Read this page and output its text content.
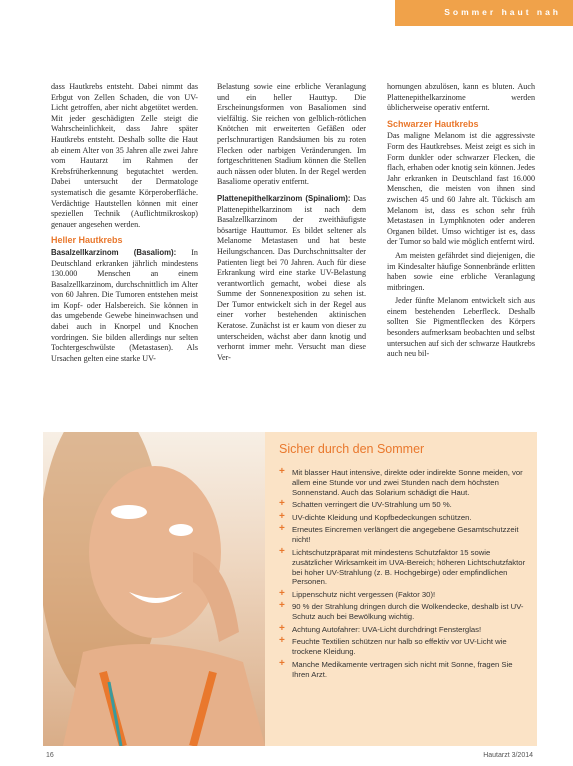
Sommer haut nah

dass Hautkrebs entsteht. Dabei nimmt das Erbgut von Zellen Schaden, die von UV-Licht getroffen, aber nicht abgetötet werden. Mit jeder geschädigten Zelle steigt die Wahrscheinlichkeit, dass Jahre später Hautkrebs entsteht. Deshalb sollte die Haut ab einem Alter von 35 Jahren alle zwei Jahre vom Hautarzt im Rahmen der Krebsfrüherkennung begutachtet werden. Dabei untersucht der Dermatologe systematisch die gesamte Körperoberfläche. Verdächtige Hautstellen können mit einer speziellen Technik (Auflichtmikroskop) genauer angesehen werden.

Heller Hautkrebs

Basalzellkarzinom (Basaliom): In Deutschland erkranken jährlich mindestens 130.000 Menschen an einem Basalzellkarzinom, durchschnittlich im Alter von 60 Jahren. Die Tumoren entstehen meist im Kopf- oder Halsbereich. Sie können in das umgebende Gewebe hineinwachsen und dabei auch in Knorpel und Knochen vordringen. Sie bilden allerdings nur selten Tochtergeschwülste (Metastasen). Als Ursachen gelten eine starke UV-

Belastung sowie eine erbliche Veranlagung und ein heller Hauttyp. Die Erscheinungsformen von Basaliomen sind vielfältig. Sie reichen von gelblich-rötlichen Knötchen mit erweiterten Gefäßen oder perlschnurartigen Randsäumen bis zu roten Flecken oder narbigen Veränderungen. Im fortgeschrittenen Stadium können die Stellen auch nässen oder bluten. In der Regel werden Basaliome operativ entfernt.

Plattenepithelkarzinom (Spinaliom): Das Plattenepithelkarzinom ist nach dem Basalzellkarzinom der zweithäufigste bösartige Hauttumor. Es bildet seltener als Melanome Metastasen und hat beste Heilungschancen. Das Durchschnittsalter der Patienten liegt bei 70 Jahren. Auch für diese Erkrankung wird eine starke UV-Belastung verantwortlich gemacht, wobei diese als Summe der Sonnenexposition zu sehen ist. Der Tumor entwickelt sich in der Regel aus einer vorher bestehenden aktinischen Keratose. Zunächst ist er kaum von dieser zu unterscheiden, wächst aber dann knotig und verhornt immer mehr. Versucht man diese Ver-

hornungen abzulösen, kann es bluten. Auch Plattenepithelkarzinome werden üblicherweise operativ entfernt.

Schwarzer Hautkrebs

Das maligne Melanom ist die aggressivste Form des Hautkrebses. Meist zeigt es sich in Form dunkler oder schwarzer Flecken, die flach, erhaben oder knotig sein können. Jedes Jahr erkranken in Deutschland fast 16.000 Menschen, die meisten von ihnen sind zwischen 45 und 60 Jahre alt. Tückisch am Melanom ist, dass es schon sehr früh Metastasen in Lymphknoten oder anderen Organen bildet. Umso wichtiger ist es, dass der Tumor so bald wie möglich entfernt wird.

Am meisten gefährdet sind diejenigen, die im Kindesalter häufige Sonnenbrände erlitten haben sowie eine erbliche Veranlagung mitbringen.

Jeder fünfte Melanom entwickelt sich aus einem bestehenden Leberfleck. Deshalb sollten Sie Pigmentflecken des Körpers besonders aufmerksam beobachten und selbst untersuchen auf sich der schwarze Hautkrebs auch neu bil-

Sicher durch den Sommer
+ Mit blasser Haut intensive, direkte oder indirekte Sonne meiden, vor allem eine Stunde vor und zwei Stunden nach dem höchsten Sonnenstand. Auch das Solarium schädigt die Haut.
+ Schatten verringert die UV-Strahlung um 50 %.
+ UV-dichte Kleidung und Kopfbedeckungen schützen.
+ Erneutes Eincremen verlängert die angegebene Gesamtschutzzeit nicht!
+ Lichtschutzpräparat mit mindestens Schutzfaktor 15 sowie zusätzlicher Wirksamkeit im UVA-Bereich; höheren Lichtschutzfaktor bei hoher UV-Strahlung (z. B. Hochgebirge) oder empfindlichen Personen.
+ Lippenschutz nicht vergessen (Faktor 30)!
+ 90 % der Strahlung dringen durch die Wolkendecke, deshalb ist UV-Schutz auch bei Bewölkung wichtig.
+ Achtung Autofahrer: UVA-Licht durchdringt Fensterglas!
+ Feuchte Textilien schützen nur halb so effektiv vor UV-Licht wie trockene Kleidung.
+ Manche Medikamente vertragen sich nicht mit Sonne, fragen Sie Ihren Arzt.
16	Hautarzt 3/2014
